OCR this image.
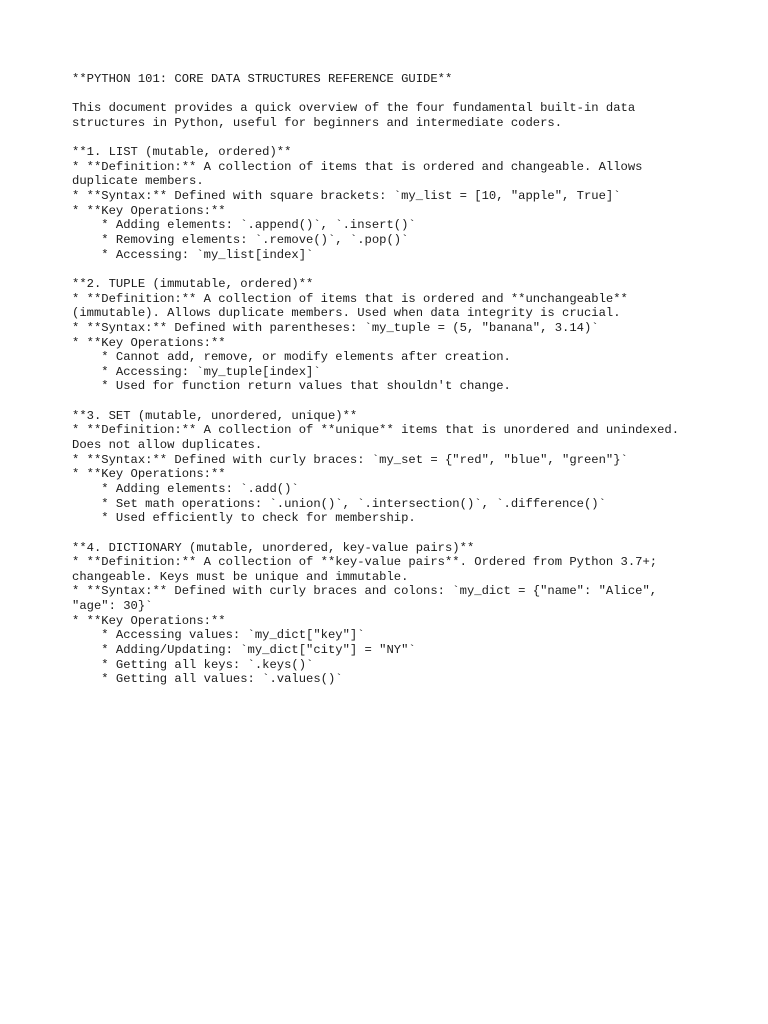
**PYTHON 101: CORE DATA STRUCTURES REFERENCE GUIDE**
This document provides a quick overview of the four fundamental built-in data
structures in Python, useful for beginners and intermediate coders.
**1. LIST (mutable, ordered)**
* **Definition:** A collection of items that is ordered and changeable. Allows
duplicate members.
* **Syntax:** Defined with square brackets: `my_list = [10, "apple", True]`
* **Key Operations:**
* Adding elements: `.append()`, `.insert()`
* Removing elements: `.remove()`, `.pop()`
* Accessing: `my_list[index]`
**2. TUPLE (immutable, ordered)**
* **Definition:** A collection of items that is ordered and **unchangeable**
(immutable). Allows duplicate members. Used when data integrity is crucial.
* **Syntax:** Defined with parentheses: `my_tuple = (5, "banana", 3.14)`
* **Key Operations:**
* Cannot add, remove, or modify elements after creation.
* Accessing: `my_tuple[index]`
* Used for function return values that shouldn't change.
**3. SET (mutable, unordered, unique)**
* **Definition:** A collection of **unique** items that is unordered and unindexed.
Does not allow duplicates.
* **Syntax:** Defined with curly braces: `my_set = {"red", "blue", "green"}`
* **Key Operations:**
* Adding elements: `.add()`
* Set math operations: `.union()`, `.intersection()`, `.difference()`
* Used efficiently to check for membership.
**4. DICTIONARY (mutable, unordered, key-value pairs)**
* **Definition:** A collection of **key-value pairs**. Ordered from Python 3.7+;
changeable. Keys must be unique and immutable.
* **Syntax:** Defined with curly braces and colons: `my_dict = {"name": "Alice",
"age": 30}`
* **Key Operations:**
* Accessing values: `my_dict["key"]`
* Adding/Updating: `my_dict["city"] = "NY"`
* Getting all keys: `.keys()`
* Getting all values: `.values()`
